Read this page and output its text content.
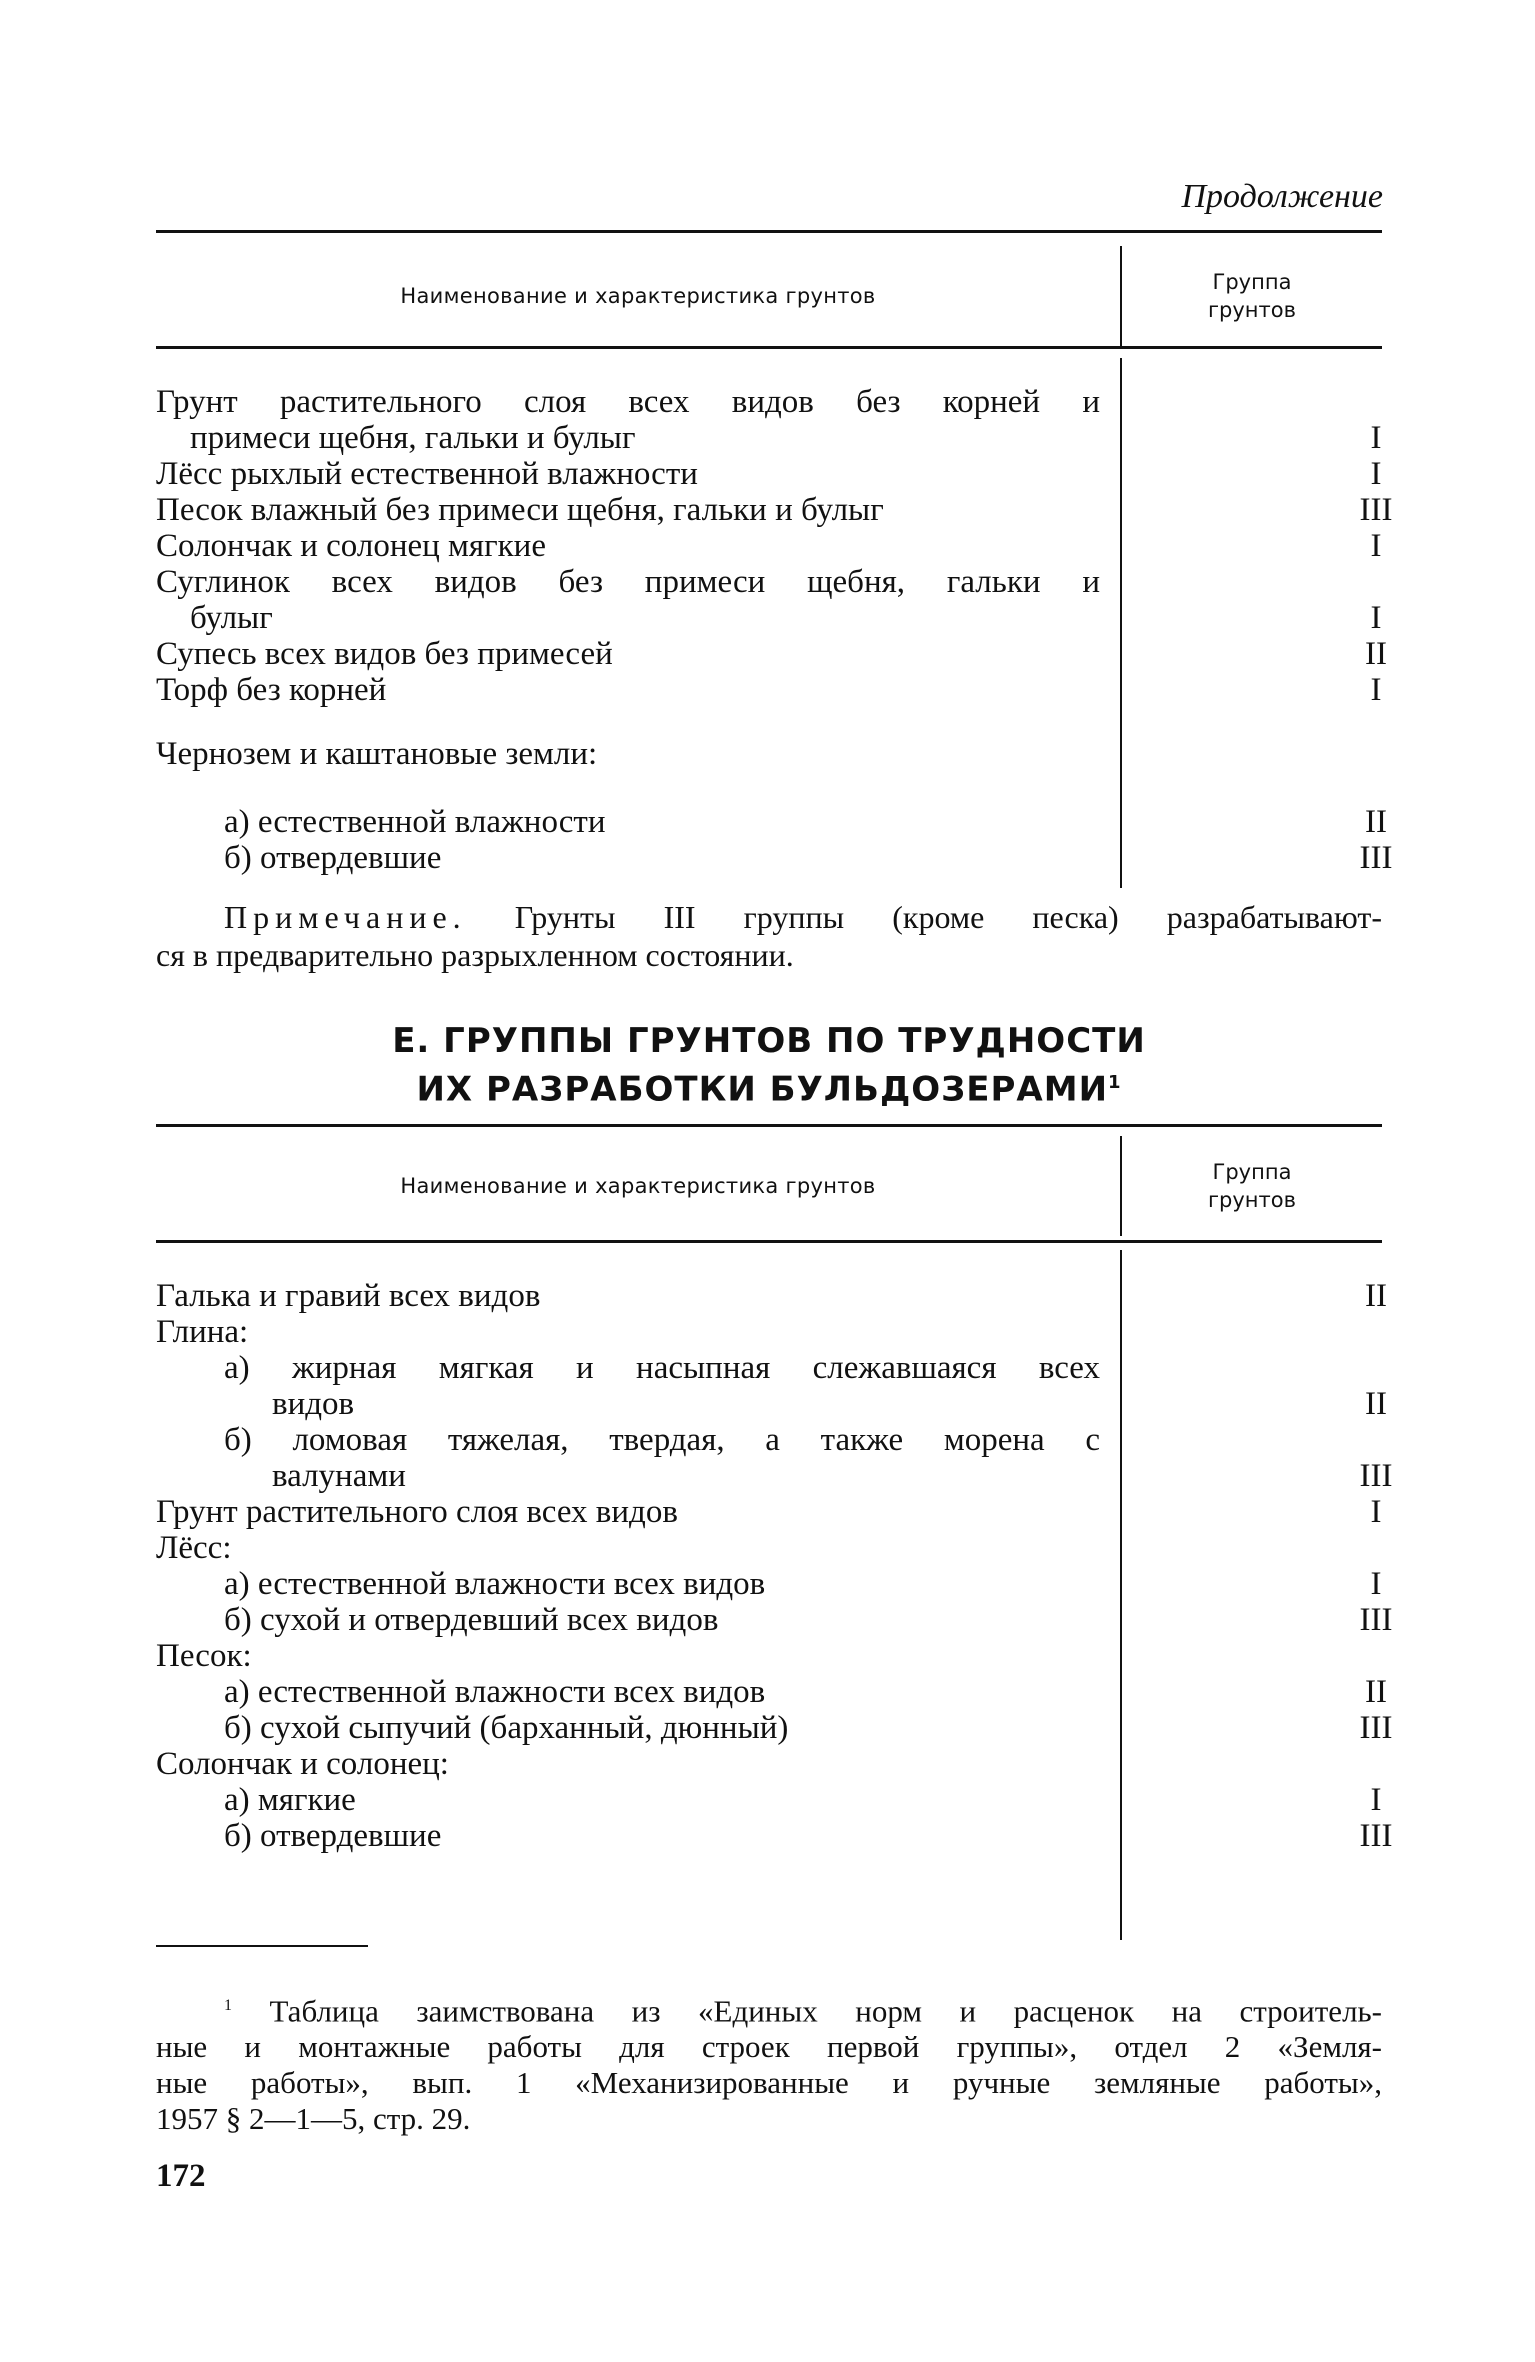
Продолжение
Наименование и характеристика грунтов
Группа
грунтов
Грунт растительного слоя всех видов без корней и
примеси щебня, гальки и булыг . . .	I
Лёсс рыхлый естественной влажности . . .	I
Песок влажный без примеси щебня, гальки и булыг . . .	III
Солончак и солонец мягкие . . .	I
Суглинок всех видов без примеси щебня, гальки и
булыг . . .	I
Супесь всех видов без примесей . . .	II
Торф без корней . . .	I
Чернозем и каштановые земли:
а) естественной влажности . . .	II
б) отвердевшие . . .	III
Примечание. Грунты III группы (кроме песка) разрабатывают-
ся в предварительно разрыхленном состоянии.
Е. ГРУППЫ ГРУНТОВ ПО ТРУДНОСТИ
ИХ РАЗРАБОТКИ БУЛЬДОЗЕРАМИ$^1$
Наименование и характеристика грунтов
Группа
грунтов
Галька и гравий всех видов . . .	II
Глина:
а) жирная мягкая и насыпная слежавшаяся всех
видов . . .	II
б) ломовая тяжелая, твердая, а также морена с
валунами . . .	III
Грунт растительного слоя всех видов . . .	I
Лёсс:
а) естественной влажности всех видов . . .	I
б) сухой и отвердевший всех видов . . .	III
Песок:
а) естественной влажности всех видов . . .	II
б) сухой сыпучий (барханный, дюнный) . . .	III
Солончак и солонец:
а) мягкие . . .	I
б) отвердевшие . . .	III
$^1$ Таблица заимствована из «Единых норм и расценок на строитель-
ные и монтажные работы для строек первой группы», отдел 2 «Земля-
ные работы», вып. 1 «Механизированные и ручные земляные работы»,
1957 § 2—1—5, стр. 29.
172
